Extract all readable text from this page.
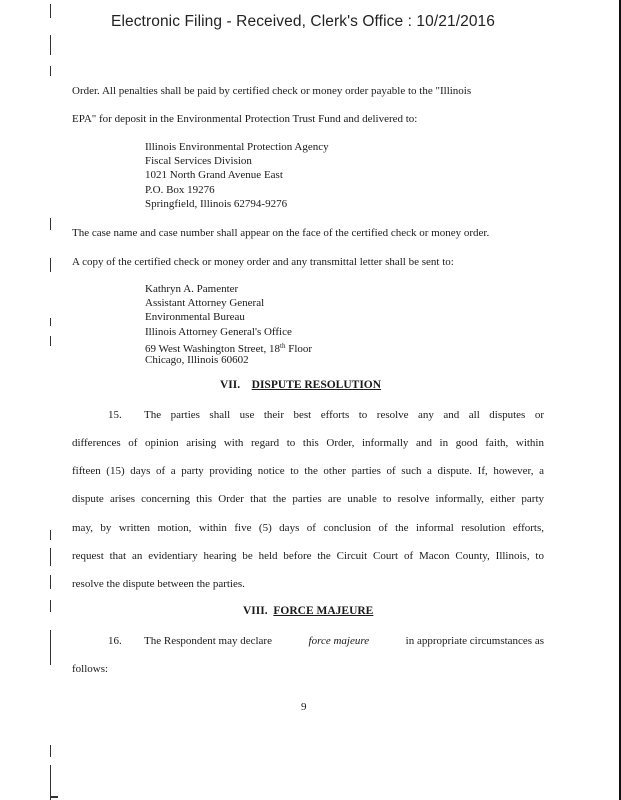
Electronic Filing - Received, Clerk's Office : 10/21/2016
Order. All penalties shall be paid by certified check or money order payable to the "Illinois
EPA" for deposit in the Environmental Protection Trust Fund and delivered to:
Illinois Environmental Protection Agency
Fiscal Services Division
1021 North Grand Avenue East
P.O. Box 19276
Springfield, Illinois 62794-9276
The case name and case number shall appear on the face of the certified check or money order.
A copy of the certified check or money order and any transmittal letter shall be sent to:
Kathryn A. Pamenter
Assistant Attorney General
Environmental Bureau
Illinois Attorney General's Office
69 West Washington Street, 18th Floor
Chicago, Illinois 60602
VII. DISPUTE RESOLUTION
15. The parties shall use their best efforts to resolve any and all disputes or
differences of opinion arising with regard to this Order, informally and in good faith, within
fifteen (15) days of a party providing notice to the other parties of such a dispute. If, however, a
dispute arises concerning this Order that the parties are unable to resolve informally, either party
may, by written motion, within five (5) days of conclusion of the informal resolution efforts,
request that an evidentiary hearing be held before the Circuit Court of Macon County, Illinois, to
resolve the dispute between the parties.
VIII. FORCE MAJEURE
16. The Respondent may declare	force majeure	in appropriate circumstances as
follows:
9
